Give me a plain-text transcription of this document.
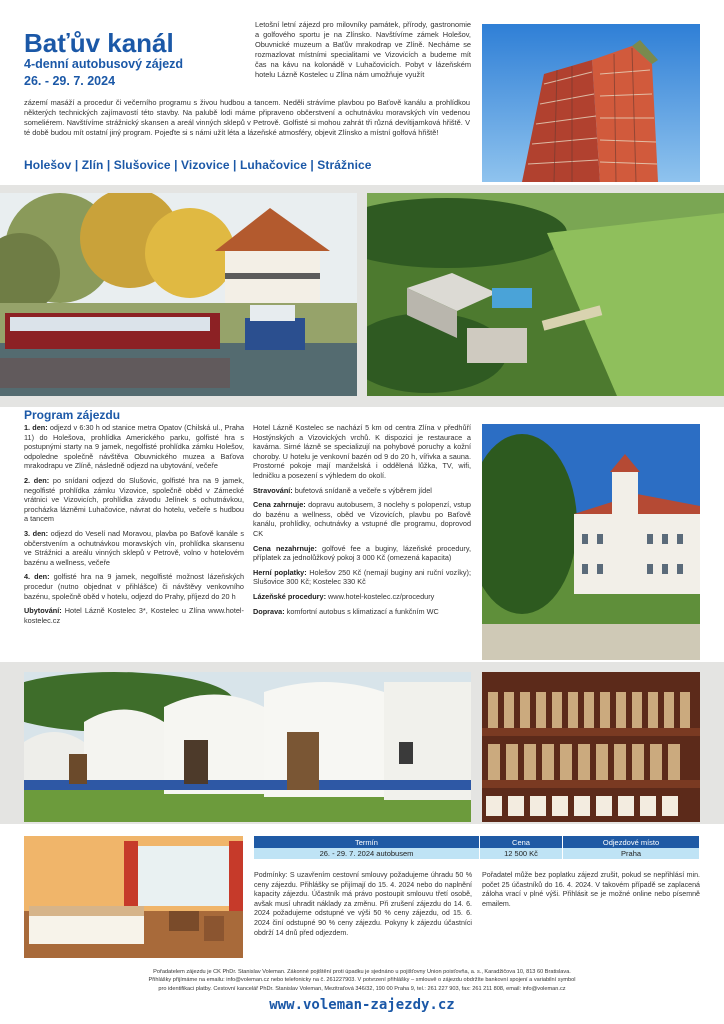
Baťův kanál
4-denní autobusový zájezd
26. - 29. 7. 2024
Letošní letní zájezd pro milovníky památek, přírody, gastronomie a golfového sportu je na Zlínsko. Navštívíme zámek Holešov, Obuvnické muzeum a Baťův mrakodrap ve Zlíně. Necháme se rozmazlovat místními specialitami ve Vizovicích a budeme mít čas na kávu na kolonádě v Luhačovicích. Pobyt v lázeňském hotelu Lázně Kostelec u Zlína nám umožňuje využít
zázemí masáží a procedur či večerního programu s živou hudbou a tancem. Neděli strávíme plavbou po Baťově kanálu a prohlídkou některých technických zajímavostí této stavby. Na palubě lodi máme připraveno občerstvení a ochutnávku moravských vín vedenou someliérem. Navštívíme strážnický skansen a areál vinných sklepů v Petrově. Golfisté si mohou zahrát tři různá devítijamková hřiště. V té době budou mít ostatní jiný program. Pojeďte si s námi užít léta a lázeňské atmosféry, objevit Zlínsko a místní golfová hřiště!
Holešov | Zlín | Slušovice | Vizovice | Luhačovice | Strážnice
Program zájezdu
1. den: odjezd v 6:30 h od stanice metra Opatov (Chilská ul., Praha 11) do Holešova, prohlídka Amerického parku, golfisté hra s postupnými starty na 9 jamek, negolfisté prohlídka zámku Holešov, odpoledne společně návštěva Obuvnického muzea a Baťova mrakodrapu ve Zlíně, následně odjezd na ubytování, večeře
2. den: po snídani odjezd do Slušovic, golfisté hra na 9 jamek, negolfisté prohlídka zámku Vizovice, společně oběd v Zámecké vrátnici ve Vizovicích, prohlídka závodu Jelínek s ochutnávkou, procházka lázněmi Luhačovice, návrat do hotelu, večeře s hudbou a tancem
3. den: odjezd do Veselí nad Moravou, plavba po Baťově kanále s občerstvením a ochutnávkou moravských vín, prohlídka skansenu ve Strážnici a areálu vinných sklepů v Petrově, volno v hotelovém bazénu a wellness, večeře
4. den: golfisté hra na 9 jamek, negolfisté možnost lázeňských procedur (nutno objednat v přihlášce) či návštěvy venkovního bazénu, společně oběd v hotelu, odjezd do Prahy, příjezd do 20 h
Ubytování: Hotel Lázně Kostelec 3*, Kostelec u Zlína www.hotel-kostelec.cz
Hotel Lázně Kostelec se nachází 5 km od centra Zlína v předhůří Hostýnských a Vizovických vrchů. K dispozici je restaurace a kavárna. Sirné lázně se specializují na pohybové poruchy a kožní choroby. U hotelu je venkovní bazén od 9 do 20 h, vířivka a sauna. Prostorné pokoje mají manželská i oddělená lůžka, TV, wifi, ledničku a posezení s výhledem do okolí.
Stravování: bufetová snídaně a večeře s výběrem jídel
Cena zahrnuje: dopravu autobusem, 3 noclehy s polopenzí, vstup do bazénu a wellness, oběd ve Vizovicích, plavbu po Baťově kanálu, prohlídky, ochutnávky a vstupné dle programu, doprovod CK
Cena nezahrnuje: golfové fee a buginy, lázeňské procedury, příplatek za jednolůžkový pokoj 3 000 Kč (omezená kapacita)
Herní poplatky: Holešov 250 Kč (nemají buginy ani ruční vozíky); Slušovice 300 Kč; Kostelec 330 Kč
Lázeňské procedury: www.hotel-kostelec.cz/procedury
Doprava: komfortní autobus s klimatizací a funkčním WC
Termín	Cena	Odjezdové místo
26. - 29. 7. 2024 autobusem	12 500 Kč	Praha
Podmínky: S uzavřením cestovní smlouvy požadujeme úhradu 50 % ceny zájezdu. Přihlášky se přijímají do 15. 4. 2024 nebo do naplnění kapacity zájezdu. Účastník má právo postoupit smlouvu třetí osobě, avšak musí uhradit náklady za změnu. Při zrušení zájezdu do 14. 6. 2024 požadujeme odstupné ve výši 50 % ceny zájezdu, od 15. 6. 2024 činí odstupné 90 % ceny zájezdu. Pokyny k zájezdu účastníci obdrží 14 dnů před odjezdem.
Pořadatel může bez poplatku zájezd zrušit, pokud se nepřihlásí min. počet 25 účastníků do 16. 4. 2024. V takovém případě se zaplacená záloha vrací v plné výši. Přihlásit se je možné online nebo písemně emailem.
Pořadatelem zájezdu je CK PhDr. Stanislav Voleman. Zákonné pojištění proti úpadku je sjednáno u pojišťovny Union poisťovňa, a. s., Karadžičova 10, 813 60 Bratislava.
Přihlášky přijímáme na emailu: info@voleman.cz nebo telefonicky na č. 261227903. V potvrzení přihlášky – smlouvě o zájezdu obdržíte bankovní spojení a variabilní symbol
pro identifikaci platby. Cestovní kancelář PhDr. Stanislav Voleman, Mezitraťová 346/32, 190 00 Praha 9, tel.: 261 227 903, fax: 261 211 808, email: info@voleman.cz
www.voleman-zajezdy.cz
